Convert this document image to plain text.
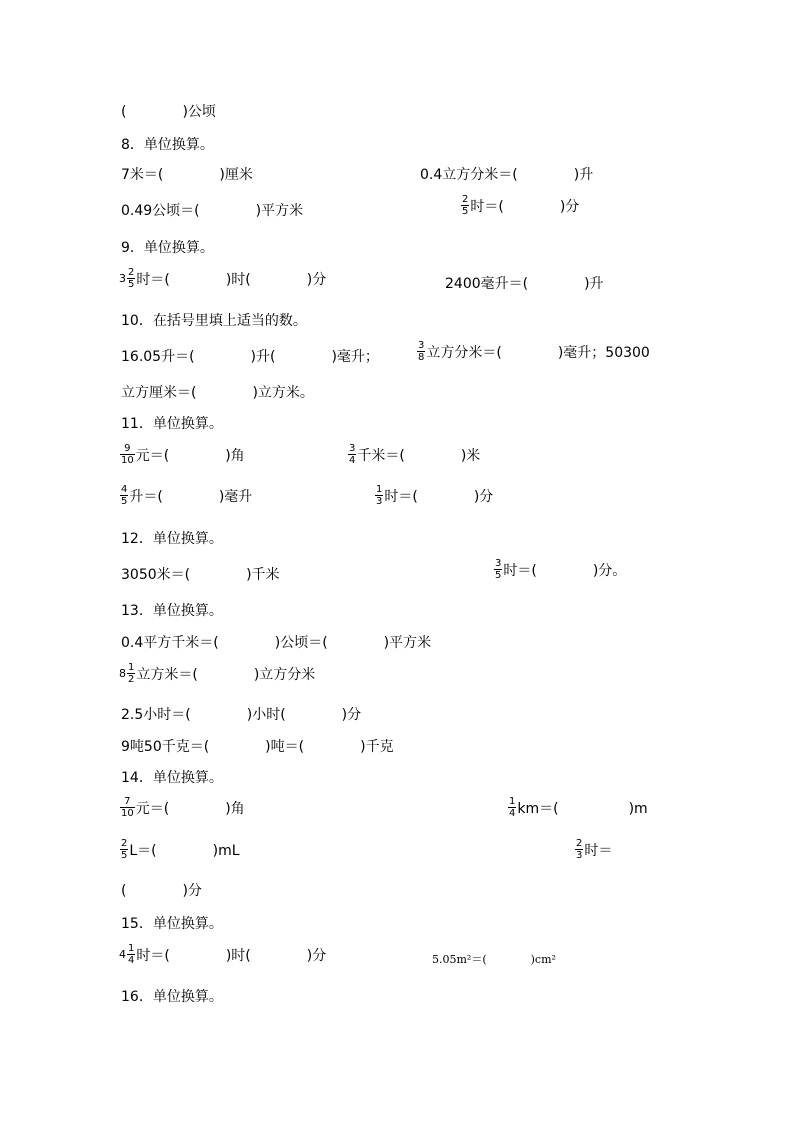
(　　　　)公顷
8．单位换算。
7米＝(　　　　)厘米	0.4立方分米＝(　　　　)升
0.49公顷＝(　　　　)平方米	$\frac{2}{5}$ 时＝(　　　　)分
9．单位换算。
$3 \frac{2}{5}$ 时＝(　　　　)时(　　　　)分	2400毫升＝(　　　　)升
10．在括号里填上适当的数。
16.05升＝(　　　　)升(　　　　)毫升；	$\frac{3}{8}$ 立方分米＝(　　　　)毫升；50300
立方厘米＝(　　　　)立方米。
11．单位换算。
$\frac{9}{10}$ 元＝(　　　　)角	$\frac{3}{4}$ 千米＝(　　　　)米
$\frac{4}{5}$ 升＝(　　　　)毫升	$\frac{1}{3}$ 时＝(　　　　)分
12．单位换算。
3050米＝(　　　　)千米	$\frac{3}{5}$ 时＝(　　　　)分。
13．单位换算。
0.4平方千米＝(　　　　)公顷＝(　　　　)平方米
$8 \frac{1}{2}$ 立方米＝(　　　　)立方分米
2.5小时＝(　　　　)小时(　　　　)分
9吨50千克＝(　　　　)吨＝(　　　　)千克
14．单位换算。
$\frac{7}{10}$ 元＝(　　　　)角	$\frac{1}{4} km=$(　　　　　)m
$\frac{2}{5} L=$(　　　　)mL	$\frac{2}{3}$ 时＝
(　　　　)分
15．单位换算。
$4 \frac{1}{4}$ 时＝(　　　　)时(　　　　)分	5.05m²＝(　　　　)cm²
16．单位换算。
